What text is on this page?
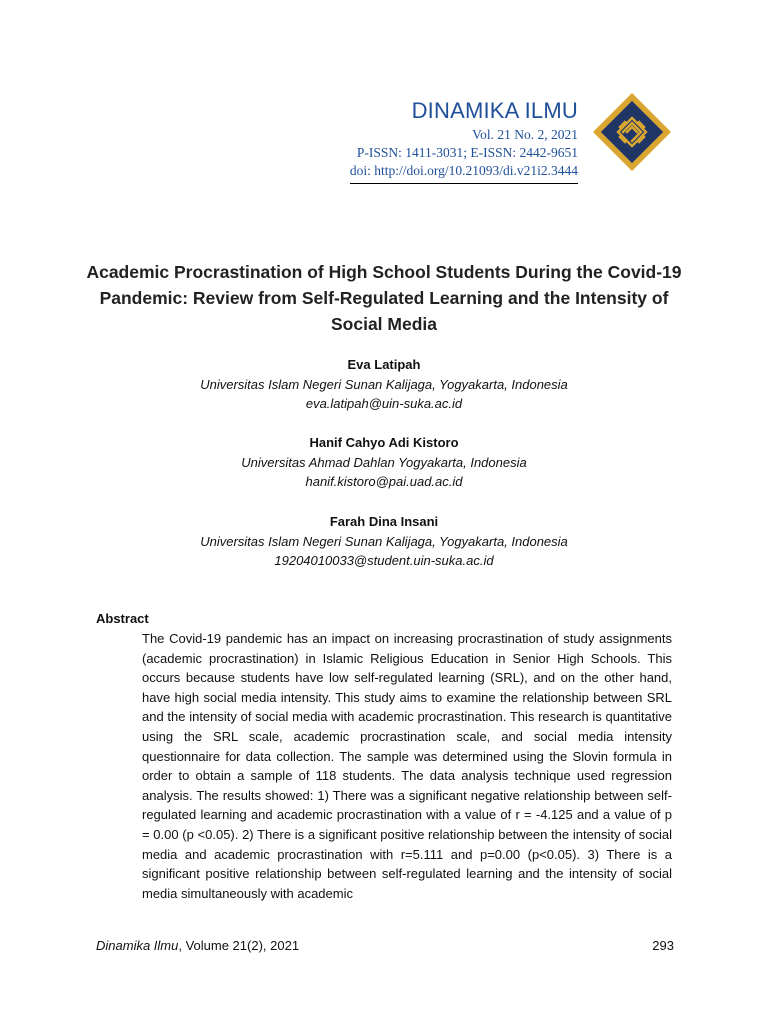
DINAMIKA ILMU
Vol. 21 No. 2, 2021
P-ISSN: 1411-3031; E-ISSN: 2442-9651
doi: http://doi.org/10.21093/di.v21i2.3444
Academic Procrastination of High School Students During the Covid-19 Pandemic: Review from Self-Regulated Learning and the Intensity of Social Media
Eva Latipah
Universitas Islam Negeri Sunan Kalijaga, Yogyakarta, Indonesia
eva.latipah@uin-suka.ac.id
Hanif Cahyo Adi Kistoro
Universitas Ahmad Dahlan Yogyakarta, Indonesia
hanif.kistoro@pai.uad.ac.id
Farah Dina Insani
Universitas Islam Negeri Sunan Kalijaga, Yogyakarta, Indonesia
19204010033@student.uin-suka.ac.id
Abstract
The Covid-19 pandemic has an impact on increasing procrastination of study assignments (academic procrastination) in Islamic Religious Education in Senior High Schools. This occurs because students have low self-regulated learning (SRL), and on the other hand, have high social media intensity. This study aims to examine the relationship between SRL and the intensity of social media with academic procrastination. This research is quantitative using the SRL scale, academic procrastination scale, and social media intensity questionnaire for data collection. The sample was determined using the Slovin formula in order to obtain a sample of 118 students. The data analysis technique used regression analysis. The results showed: 1) There was a significant negative relationship between self-regulated learning and academic procrastination with a value of r = -4.125 and a value of p = 0.00 (p <0.05). 2) There is a significant positive relationship between the intensity of social media and academic procrastination with r=5.111 and p=0.00 (p<0.05). 3) There is a significant positive relationship between self-regulated learning and the intensity of social media simultaneously with academic
Dinamika Ilmu, Volume 21(2), 2021	293
